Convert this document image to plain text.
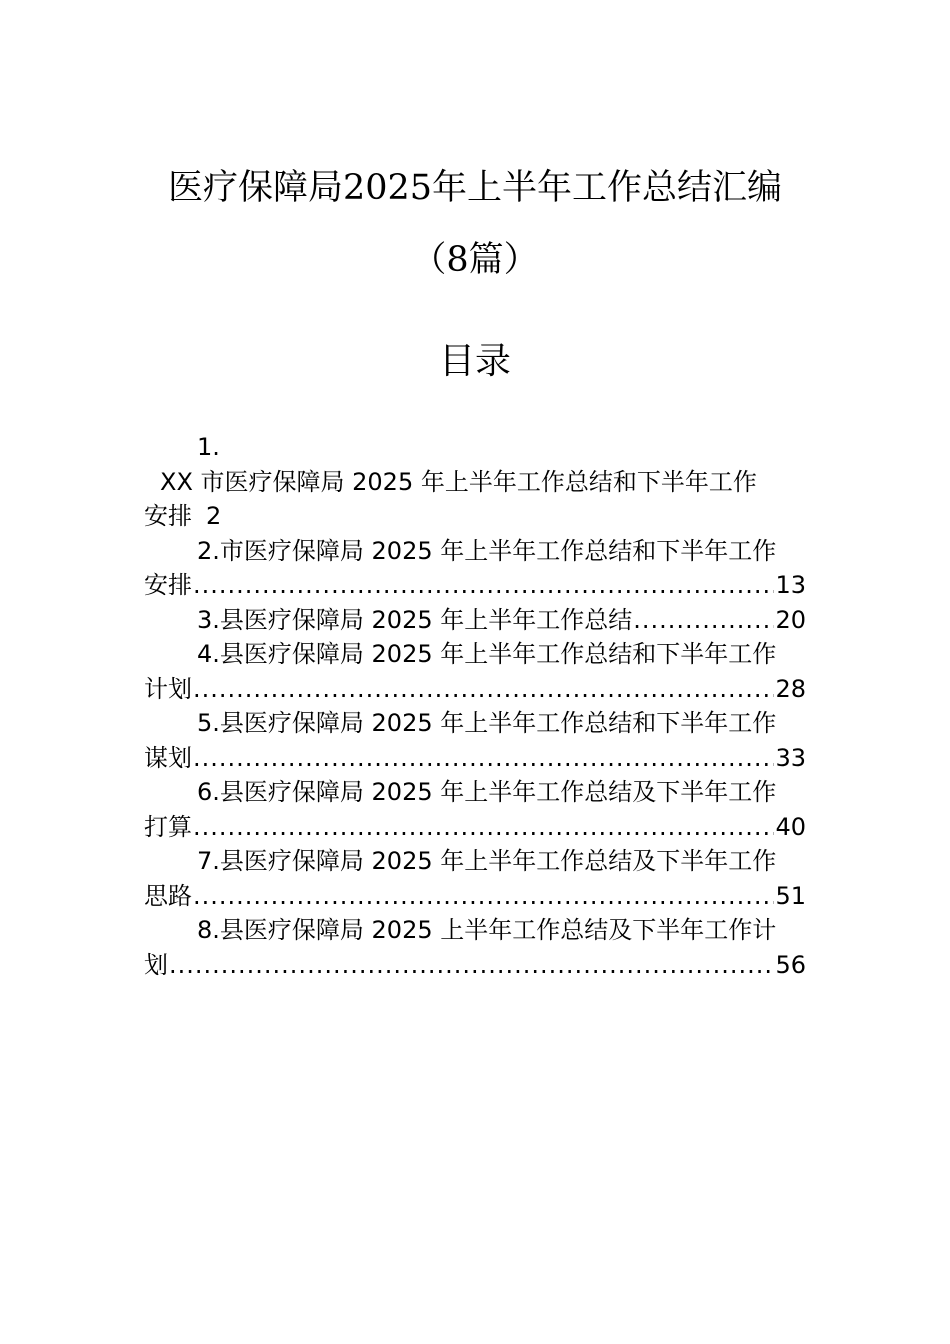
医疗保障局2025年上半年工作总结汇编
（8篇）
目录
1.
XX 市医疗保障局 2025 年上半年工作总结和下半年工作
安排 2
2.市医疗保障局 2025 年上半年工作总结和下半年工作
安排 .....	13
3.县医疗保障局 2025 年上半年工作总结 .....	20
4.县医疗保障局 2025 年上半年工作总结和下半年工作
计划 .....	28
5.县医疗保障局 2025 年上半年工作总结和下半年工作
谋划 .....	33
6.县医疗保障局 2025 年上半年工作总结及下半年工作
打算 .....	40
7.县医疗保障局 2025 年上半年工作总结及下半年工作
思路 .....	51
8.县医疗保障局 2025 上半年工作总结及下半年工作计
划 .....	56
